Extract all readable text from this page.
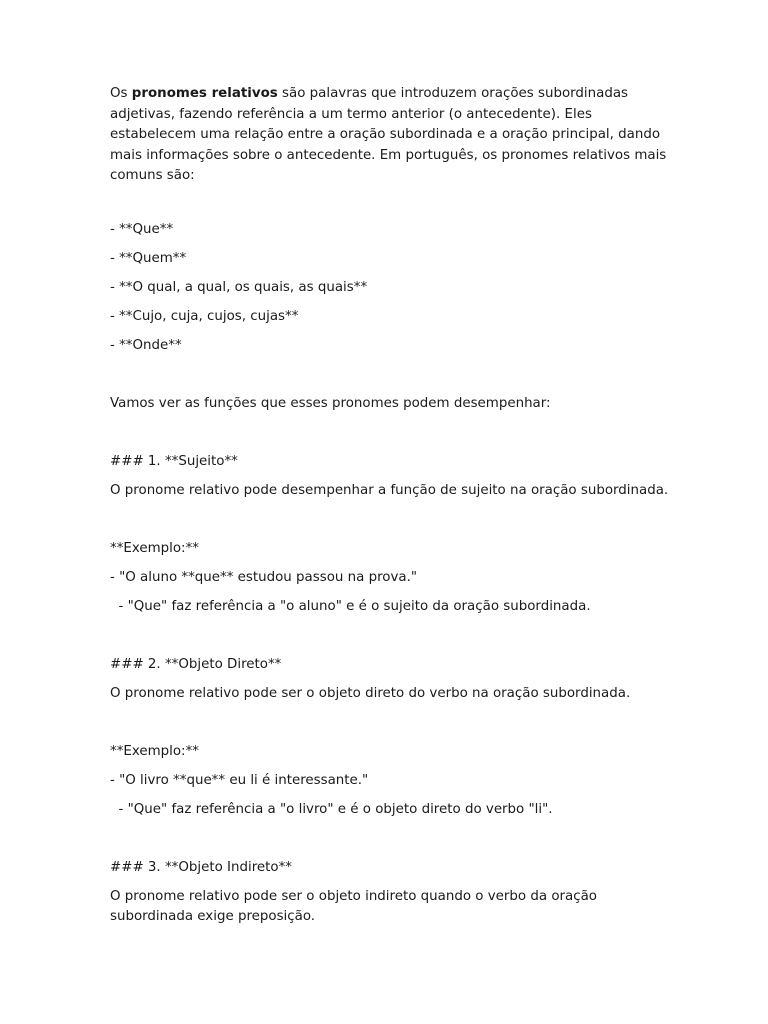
Os pronomes relativos são palavras que introduzem orações subordinadas adjetivas, fazendo referência a um termo anterior (o antecedente). Eles estabelecem uma relação entre a oração subordinada e a oração principal, dando mais informações sobre o antecedente. Em português, os pronomes relativos mais comuns são:

- **Que**

- **Quem**

- **O qual, a qual, os quais, as quais**

- **Cujo, cuja, cujos, cujas**

- **Onde**

Vamos ver as funções que esses pronomes podem desempenhar:

### 1. **Sujeito**

O pronome relativo pode desempenhar a função de sujeito na oração subordinada.

**Exemplo:**

- "O aluno **que** estudou passou na prova."

- "Que" faz referência a "o aluno" e é o sujeito da oração subordinada.

### 2. **Objeto Direto**

O pronome relativo pode ser o objeto direto do verbo na oração subordinada.

**Exemplo:**

- "O livro **que** eu li é interessante."

- "Que" faz referência a "o livro" e é o objeto direto do verbo "li".

### 3. **Objeto Indireto**

O pronome relativo pode ser o objeto indireto quando o verbo da oração subordinada exige preposição.
